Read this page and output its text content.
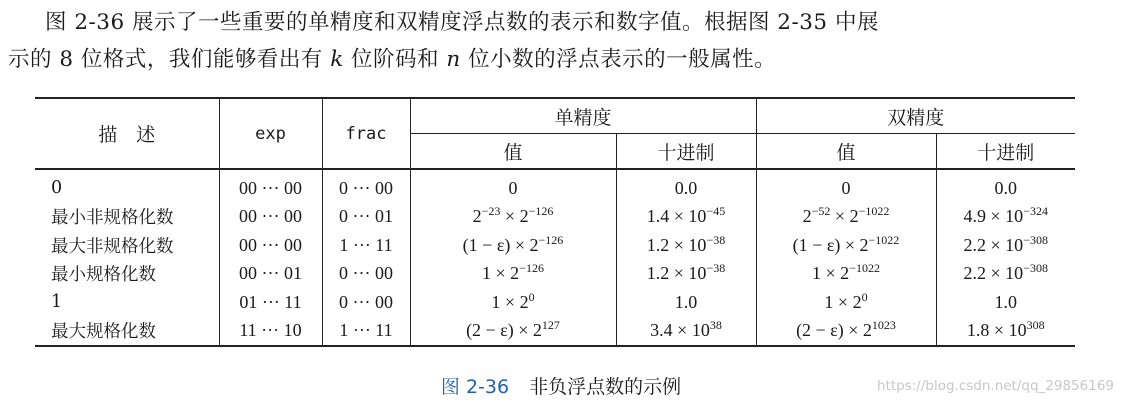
图 2-36 展示了一些重要的单精度和双精度浮点数的表示和数字值。根据图 2-35 中展

示的 8 位格式，我们能够看出有 k 位阶码和 n 位小数的浮点表示的一般属性。

描　述	exp	frac	单精度		双精度	
			值	十进制	值	十进制
0	00 ··· 00	0 ··· 00	0	0.0	0	0.0
最小非规格化数	00 ··· 00	0 ··· 01	$2^{-23} \times 2^{-126}$	$1.4 \times 10^{-45}$	$2^{-52} \times 2^{-1022}$	$4.9 \times 10^{-324}$
最大非规格化数	00 ··· 00	1 ··· 11	$(1 - \varepsilon) \times 2^{-126}$	$1.2 \times 10^{-38}$	$(1 - \varepsilon) \times 2^{-1022}$	$2.2 \times 10^{-308}$
最小规格化数	00 ··· 01	0 ··· 00	$1 \times 2^{-126}$	$1.2 \times 10^{-38}$	$1 \times 2^{-1022}$	$2.2 \times 10^{-308}$
1	01 ··· 11	0 ··· 00	$1 \times 2^0$	1.0	$1 \times 2^0$	1.0
最大规格化数	11 ··· 10	1 ··· 11	$(2 - \varepsilon) \times 2^{127}$	$3.4 \times 10^{38}$	$(2 - \varepsilon) \times 2^{1023}$	$1.8 \times 10^{308}$
图 2-36 非负浮点数的示例	https://blog.csdn.net/qq_29856169
